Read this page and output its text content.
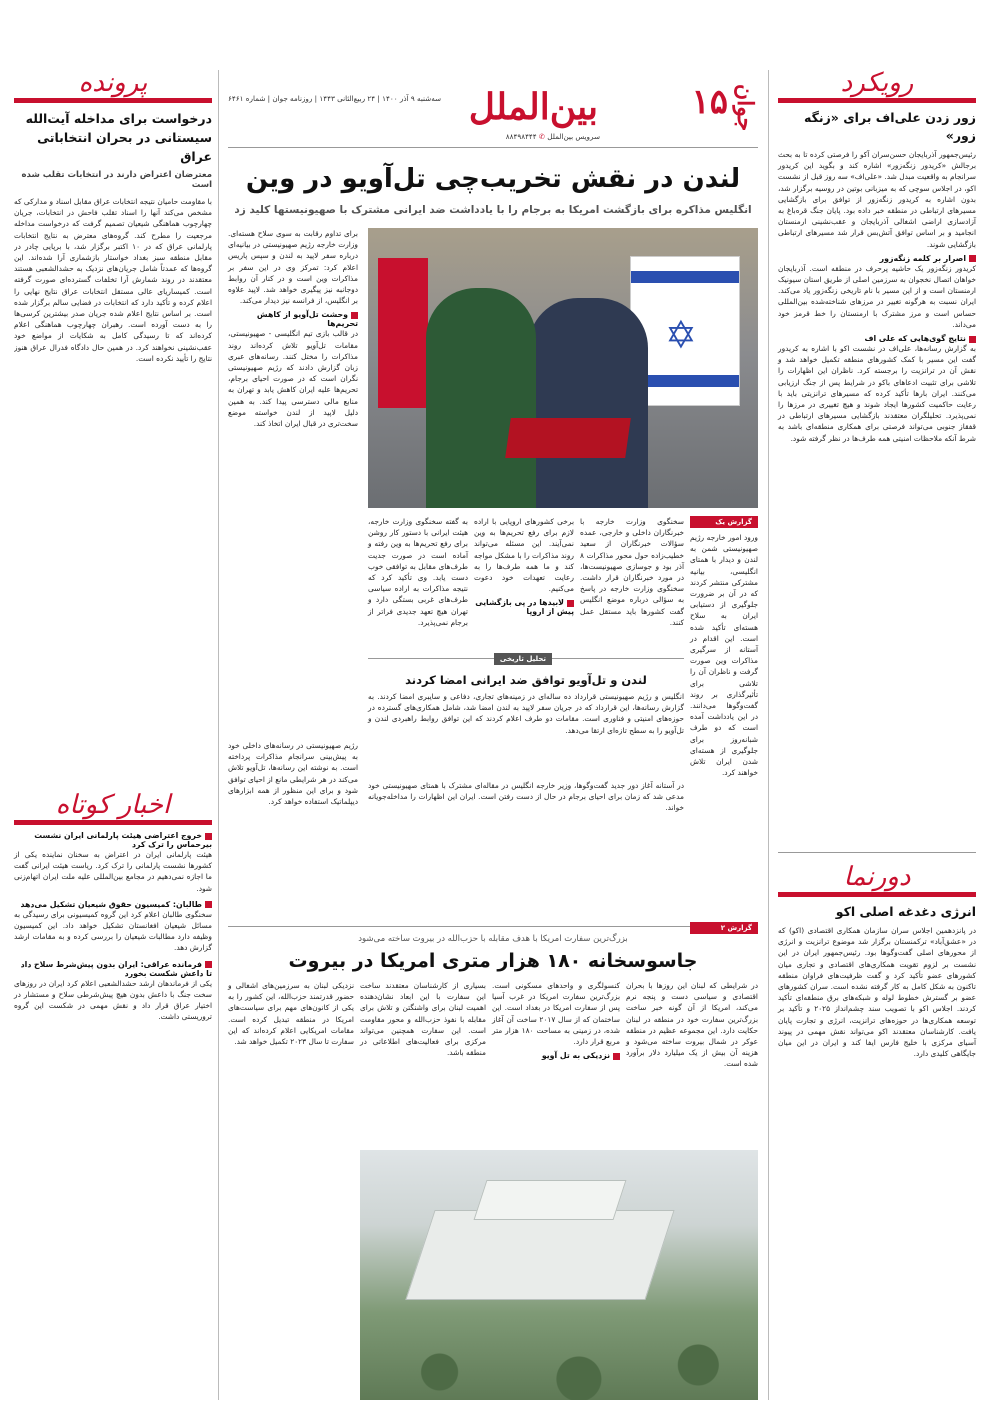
۱۵ جوان
بين‌الملل
سه‌شنبه ۹ آذر ۱۴۰۰ | ۲۴ ربیع‌الثانی ۱۴۴۳ | روزنامه جوان | شماره ۶۴۶۱
سرویس بین‌الملل ✆ ۸۸۴۹۸۴۴۴
رویکرد
زور زدن علی‌اف برای «زنگه زور»
رئیس‌جمهور آذربایجان حسن‌سران آکو را فرصتی کرده تا به بحث برجالش «کریدور زنگه‌زور» اشاره کند و بگوید این کریدور سرانجام به واقعیت مبدل شد. «علی‌اف» سه روز قبل از نشست اکو، در اجلاس سوچی که به میزبانی بوتین در روسیه برگزار شد، بدون اشاره به کریدور زنگه‌زور از توافق برای بازگشایی مسیرهای ارتباطی در منطقه خبر داده بود. پایان جنگ قره‌باغ به آزادسازی اراضی اشغالی آذربایجان و عقب‌نشینی ارمنستان انجامید و بر اساس توافق آتش‌بس قرار شد مسیرهای ارتباطی بازگشایی شوند.
اصرار بر کلمه زنگه‌زور
کریدور زنگه‌زور یک حاشیه پرحرف در منطقه است. آذربایجان خواهان اتصال نخجوان به سرزمین اصلی از طریق استان سیونیک ارمنستان است و از این مسیر با نام تاریخی زنگه‌زور یاد می‌کند. ایران نسبت به هرگونه تغییر در مرزهای شناخته‌شده بین‌المللی حساس است و مرز مشترک با ارمنستان را خط قرمز خود می‌داند.
نتایج گوی‌هایی که علی اف
به گزارش رسانه‌ها، علی‌اف در نشست اکو با اشاره به کریدور گفت این مسیر با کمک کشورهای منطقه تکمیل خواهد شد و نقش آن در ترانزیت را برجسته کرد. ناظران این اظهارات را تلاشی برای تثبیت ادعاهای باکو در شرایط پس از جنگ ارزیابی می‌کنند. ایران بارها تأکید کرده که مسیرهای ترانزیتی باید با رعایت حاکمیت کشورها ایجاد شوند و هیچ تغییری در مرزها را نمی‌پذیرد. تحلیلگران معتقدند بازگشایی مسیرهای ارتباطی در قفقاز جنوبی می‌تواند فرصتی برای همکاری منطقه‌ای باشد به شرط آنکه ملاحظات امنیتی همه طرف‌ها در نظر گرفته شود.
دورنما
انرژی دغدغه اصلی اکو
در پانزدهمین اجلاس سران سازمان همکاری اقتصادی (اکو) که در «عشق‌آباد» ترکمنستان برگزار شد موضوع ترانزیت و انرژی از محورهای اصلی گفت‌وگوها بود. رئیس‌جمهور ایران در این نشست بر لزوم تقویت همکاری‌های اقتصادی و تجاری میان کشورهای عضو تأکید کرد و گفت ظرفیت‌های فراوان منطقه تاکنون به شکل کامل به کار گرفته نشده است. سران کشورهای عضو بر گسترش خطوط لوله و شبکه‌های برق منطقه‌ای تأکید کردند. اجلاس اکو با تصویب سند چشم‌انداز ۲۰۲۵ و تأکید بر توسعه همکاری‌ها در حوزه‌های ترانزیت، انرژی و تجارت پایان یافت. کارشناسان معتقدند اکو می‌تواند نقش مهمی در پیوند آسیای مرکزی با خلیج فارس ایفا کند و ایران در این میان جایگاهی کلیدی دارد.
پرونده
درخواست برای مداخله آیت‌الله سیستانی در بحران انتخاباتی عراق
معترضان اعتراض دارند در انتخابات تقلب شده است
با مقاومت حامیان نتیجه انتخابات عراق مقابل اسناد و مدارکی که مشخص می‌کند آنها را اسناد تقلب فاحش در انتخابات، جریان چهارچوب هماهنگی شیعیان تصمیم گرفت که درخواست مداخله مرجعیت را مطرح کند. گروه‌های معترض به نتایج انتخابات پارلمانی عراق که در ۱۰ اکتبر برگزار شد، با برپایی چادر در مقابل منطقه سبز بغداد خواستار بازشماری آرا شده‌اند. این گروه‌ها که عمدتاً شامل جریان‌های نزدیک به حشدالشعبی هستند معتقدند در روند شمارش آرا تخلفات گسترده‌ای صورت گرفته است. کمیساریای عالی مستقل انتخابات عراق نتایج نهایی را اعلام کرده و تأکید دارد که انتخابات در فضایی سالم برگزار شده است. بر اساس نتایج اعلام شده جریان صدر بیشترین کرسی‌ها را به دست آورده است. رهبران چهارچوب هماهنگی اعلام کرده‌اند که تا رسیدگی کامل به شکایات از مواضع خود عقب‌نشینی نخواهند کرد. در همین حال دادگاه فدرال عراق هنوز نتایج را تأیید نکرده است.
اخبار کوتاه
خروج اعتراضی هیئت پارلمانی ایران نشست بیرحماس را ترک کرد
هیئت پارلمانی ایران در اعتراض به سخنان نماینده یکی از کشورها نشست پارلمانی را ترک کرد. ریاست هیئت ایرانی گفت ما اجازه نمی‌دهیم در مجامع بین‌المللی علیه ملت ایران اتهام‌زنی شود.
طالبان: کمیسیون حقوق شیعیان تشکیل می‌دهد
سخنگوی طالبان اعلام کرد این گروه کمیسیونی برای رسیدگی به مسائل شیعیان افغانستان تشکیل خواهد داد. این کمیسیون وظیفه دارد مطالبات شیعیان را بررسی کرده و به مقامات ارشد گزارش دهد.
فرمانده عراقی: ایران بدون پیش‌شرط سلاح داد تا داعش شکست بخورد
یکی از فرماندهان ارشد حشدالشعبی اعلام کرد ایران در روزهای سخت جنگ با داعش بدون هیچ پیش‌شرطی سلاح و مستشار در اختیار عراق قرار داد و نقش مهمی در شکست این گروه تروریستی داشت.
لندن در نقش تخریب‌چی تل‌آویو در وین
انگلیس مذاکره برای بازگشت امریکا به برجام را با یادداشت ضد ایرانی مشترک با صهیونیستها کلید زد
✡
برای تداوم رقابت به سوی سلاح هسته‌ای. وزارت خارجه رژیم صهیونیستی در بیانیه‌ای درباره سفر لاپید به لندن و سپس پاریس اعلام کرد: تمرکز وی در این سفر بر مذاکرات وین است و در کنار آن روابط دوجانبه نیز پیگیری خواهد شد. لاپید علاوه بر انگلیس، از فرانسه نیز دیدار می‌کند.
وحشت تل‌آویو از کاهش تحریم‌ها
در قالب بازی تیم انگلیسی - صهیونیستی، مقامات تل‌آویو تلاش کرده‌اند روند مذاکرات را مختل کنند. رسانه‌های عبری زبان گزارش دادند که رژیم صهیونیستی نگران است که در صورت احیای برجام، تحریم‌ها علیه ایران کاهش یابد و تهران به منابع مالی دسترسی پیدا کند. به همین دلیل لاپید از لندن خواسته موضع سخت‌تری در قبال ایران اتخاذ کند.
گزارش یک
ورود امور خارجه رژیم صهیونیستی شمن به لندن و دیدار با همتای انگلیسی، بیانیه مشترکی منتشر کردند که در آن بر ضرورت جلوگیری از دستیابی ایران به سلاح هسته‌ای تأکید شده است. این اقدام در آستانه از سرگیری مذاکرات وین صورت گرفت و ناظران آن را تلاشی برای تأثیرگذاری بر روند گفت‌وگوها می‌دانند. در این یادداشت آمده است که دو طرف شبانه‌روز برای جلوگیری از هسته‌ای شدن ایران تلاش خواهند کرد.
سخنگوی وزارت خارجه با خبرنگاران داخلی و خارجی، عمده سؤالات خبرنگاران از سعید خطیب‌زاده حول محور مذاکرات ۸ آذر بود و جوسازی صهیونیست‌ها، در مورد خبرنگاران قرار داشت. سخنگوی وزارت خارجه در پاسخ به سؤالی درباره موضع انگلیس گفت کشورها باید مستقل عمل کنند.
برخی کشورهای اروپایی با اراده لازم برای رفع تحریم‌ها به وین نمی‌آیند. این مسئله می‌تواند روند مذاکرات را با مشکل مواجه کند و ما همه طرف‌ها را به رعایت تعهدات خود دعوت می‌کنیم.
لابیدها در پی بازگشایی پیش از اروپا
به گفته سخنگوی وزارت خارجه، هیئت ایرانی با دستور کار روشن برای رفع تحریم‌ها به وین رفته و آماده است در صورت جدیت طرف‌های مقابل به توافقی خوب دست یابد. وی تأکید کرد که نتیجه مذاکرات به اراده سیاسی طرف‌های غربی بستگی دارد و تهران هیچ تعهد جدیدی فراتر از برجام نمی‌پذیرد.
تحلیل تاریخی
لندن و تل‌آویو توافق ضد ایرانی امضا کردند
انگلیس و رژیم صهیونیستی قرارداد ده ساله‌ای در زمینه‌های تجاری، دفاعی و سایبری امضا کردند. به گزارش رسانه‌ها، این قرارداد که در جریان سفر لاپید به لندن امضا شد، شامل همکاری‌های گسترده در حوزه‌های امنیتی و فناوری است. مقامات دو طرف اعلام کردند که این توافق روابط راهبردی لندن و تل‌آویو را به سطح تازه‌ای ارتقا می‌دهد.
رژیم صهیونیستی در رسانه‌های داخلی خود به پیش‌بینی سرانجام مذاکرات پرداخته است. به نوشته این رسانه‌ها، تل‌آویو تلاش می‌کند در هر شرایطی مانع از احیای توافق شود و برای این منظور از همه ابزارهای دیپلماتیک استفاده خواهد کرد.
در آستانه آغاز دور جدید گفت‌وگوها، وزیر خارجه انگلیس در مقاله‌ای مشترک با همتای صهیونیستی خود مدعی شد که زمان برای احیای برجام در حال از دست رفتن است. ایران این اظهارات را مداخله‌جویانه خواند.
گزارش ۲
بزرگ‌ترین سفارت امریکا با هدف مقابله با حزب‌الله در بیروت ساخته می‌شود
جاسوسخانه ۱۸۰ هزار متری امریکا در بیروت
در شرایطی که لبنان این روزها با بحران اقتصادی و سیاسی دست و پنجه نرم می‌کند، امریکا از آن گونه خبر ساخت بزرگ‌ترین سفارت خود در منطقه در لبنان حکایت دارد. این مجموعه عظیم در منطقه عوکر در شمال بیروت ساخته می‌شود و هزینه آن بیش از یک میلیارد دلار برآورد شده است.
کنسولگری و واحدهای مسکونی است. بزرگ‌ترین سفارت امریکا در غرب آسیا پس از سفارت امریکا در بغداد است. این ساختمان که از سال ۲۰۱۷ ساخت آن آغاز شده، در زمینی به مساحت ۱۸۰ هزار متر مربع قرار دارد.
نزدیکی به تل آویو
بسیاری از کارشناسان معتقدند ساخت این سفارت با این ابعاد نشان‌دهنده اهمیت لبنان برای واشنگتن و تلاش برای مقابله با نفوذ حزب‌الله و محور مقاومت است. این سفارت همچنین می‌تواند مرکزی برای فعالیت‌های اطلاعاتی در منطقه باشد.
نزدیکی لبنان به سرزمین‌های اشغالی و حضور قدرتمند حزب‌الله، این کشور را به یکی از کانون‌های مهم برای سیاست‌های امریکا در منطقه تبدیل کرده است. مقامات امریکایی اعلام کرده‌اند که این سفارت تا سال ۲۰۲۳ تکمیل خواهد شد.
